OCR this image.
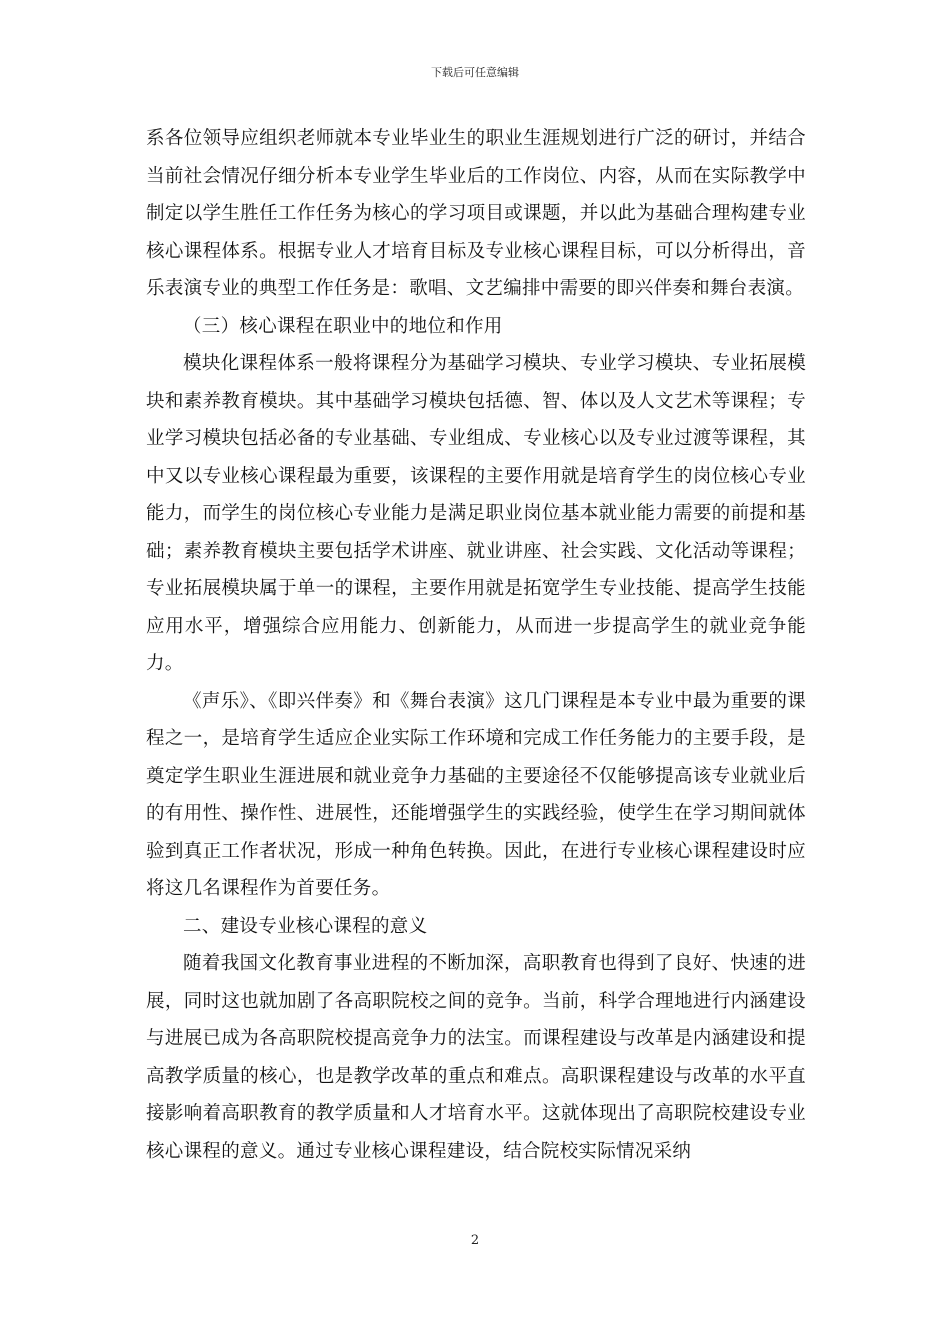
下载后可任意编辑

系各位领导应组织老师就本专业毕业生的职业生涯规划进行广泛的研讨，并结合当前社会情况仔细分析本专业学生毕业后的工作岗位、内容，从而在实际教学中制定以学生胜任工作任务为核心的学习项目或课题，并以此为基础合理构建专业核心课程体系。根据专业人才培育目标及专业核心课程目标，可以分析得出，音乐表演专业的典型工作任务是：歌唱、文艺编排中需要的即兴伴奏和舞台表演。

（三）核心课程在职业中的地位和作用

模块化课程体系一般将课程分为基础学习模块、专业学习模块、专业拓展模块和素养教育模块。其中基础学习模块包括德、智、体以及人文艺术等课程；专业学习模块包括必备的专业基础、专业组成、专业核心以及专业过渡等课程，其中又以专业核心课程最为重要，该课程的主要作用就是培育学生的岗位核心专业能力，而学生的岗位核心专业能力是满足职业岗位基本就业能力需要的前提和基础；素养教育模块主要包括学术讲座、就业讲座、社会实践、文化活动等课程；专业拓展模块属于单一的课程，主要作用就是拓宽学生专业技能、提高学生技能应用水平，增强综合应用能力、创新能力，从而进一步提高学生的就业竞争能力。

《声乐》、《即兴伴奏》和《舞台表演》这几门课程是本专业中最为重要的课程之一，是培育学生适应企业实际工作环境和完成工作任务能力的主要手段，是奠定学生职业生涯进展和就业竞争力基础的主要途径不仅能够提高该专业就业后的有用性、操作性、进展性，还能增强学生的实践经验，使学生在学习期间就体验到真正工作者状况，形成一种角色转换。因此，在进行专业核心课程建设时应将这几名课程作为首要任务。

二、建设专业核心课程的意义

随着我国文化教育事业进程的不断加深，高职教育也得到了良好、快速的进展，同时这也就加剧了各高职院校之间的竞争。当前，科学合理地进行内涵建设与进展已成为各高职院校提高竞争力的法宝。而课程建设与改革是内涵建设和提高教学质量的核心，也是教学改革的重点和难点。高职课程建设与改革的水平直接影响着高职教育的教学质量和人才培育水平。这就体现出了高职院校建设专业核心课程的意义。通过专业核心课程建设，结合院校实际情况采纳

2
